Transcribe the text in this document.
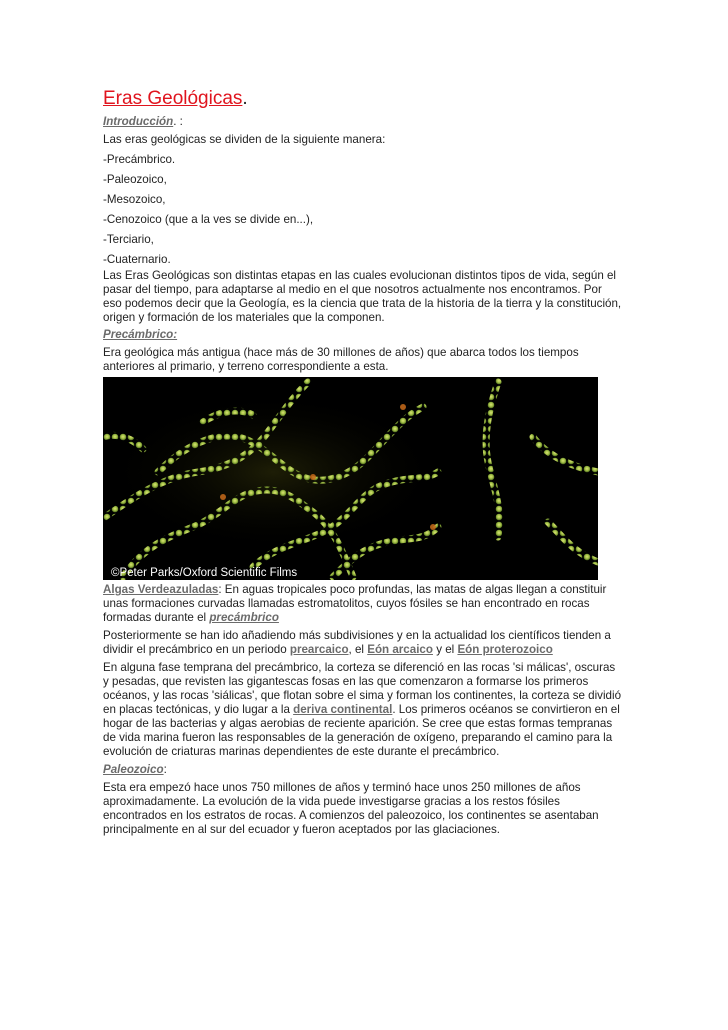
Eras Geológicas.

Introducción. :

Las eras geológicas se dividen de la siguiente manera:

-Precámbrico.

-Paleozoico,

-Mesozoico,

-Cenozoico (que a la ves se divide en...),

-Terciario,

-Cuaternario.

Las Eras Geológicas son distintas etapas en las cuales evolucionan distintos tipos de vida, según el pasar del tiempo, para adaptarse al medio en el que nosotros actualmente nos encontramos. Por eso podemos decir que la Geología, es la ciencia que trata de la historia de la tierra y la constitución, origen y formación de los materiales que la componen.

Precámbrico:

Era geológica más antigua (hace más de 30 millones de años) que abarca todos los tiempos anteriores al primario, y terreno correspondiente a esta.

©Peter Parks/Oxford Scientific Films

Algas Verdeazuladas: En aguas tropicales poco profundas, las matas de algas llegan a constituir unas formaciones curvadas llamadas estromatolitos, cuyos fósiles se han encontrado en rocas formadas durante el precámbrico

Posteriormente se han ido añadiendo más subdivisiones y en la actualidad los científicos tienden a dividir el precámbrico en un periodo prearcaico, el Eón arcaico y el Eón proterozoico

En alguna fase temprana del precámbrico, la corteza se diferenció en las rocas 'si málicas', oscuras y pesadas, que revisten las gigantescas fosas en las que comenzaron a formarse los primeros océanos, y las rocas 'siálicas', que flotan sobre el sima y forman los continentes, la corteza se dividió en placas tectónicas, y dio lugar a la deriva continental. Los primeros océanos se convirtieron en el hogar de las bacterias y algas aerobias de reciente aparición. Se cree que estas formas tempranas de vida marina fueron las responsables de la generación de oxígeno, preparando el camino para la evolución de criaturas marinas dependientes de este durante el precámbrico.

Paleozoico:

Esta era empezó hace unos 750 millones de años y terminó hace unos 250 millones de años aproximadamente. La evolución de la vida puede investigarse gracias a los restos fósiles encontrados en los estratos de rocas. A comienzos del paleozoico, los continentes se asentaban principalmente en al sur del ecuador y fueron aceptados por las glaciaciones.
